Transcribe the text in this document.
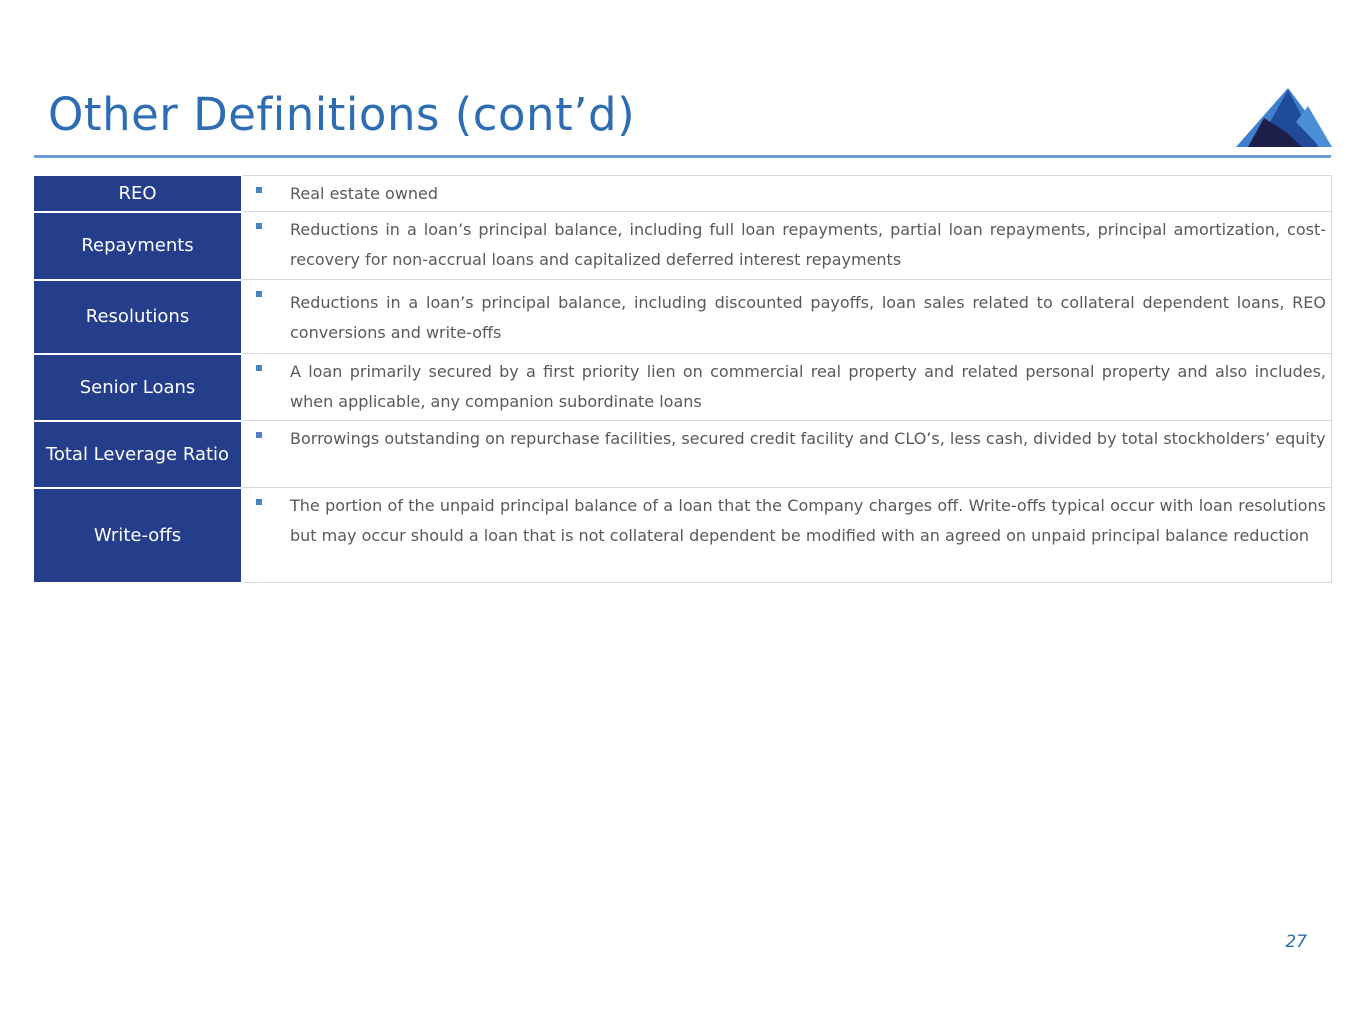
Other Definitions (cont’d)
REO	Real estate owned

Repayments	Reductions in a loan’s principal balance, including full loan repayments, partial loan repayments, principal amortization, cost-recovery for non-accrual loans and capitalized deferred interest repayments

Resolutions	Reductions in a loan’s principal balance, including discounted payoffs, loan sales related to collateral dependent loans, REO conversions and write-offs

Senior Loans	A loan primarily secured by a first priority lien on commercial real property and related personal property and also includes, when applicable, any companion subordinate loans

Total Leverage Ratio	Borrowings outstanding on repurchase facilities, secured credit facility and CLO’s, less cash, divided by total stockholders’ equity

Write-offs	The portion of the unpaid principal balance of a loan that the Company charges off. Write-offs typical occur with loan resolutions but may occur should a loan that is not collateral dependent be modified with an agreed on unpaid principal balance reduction
27
